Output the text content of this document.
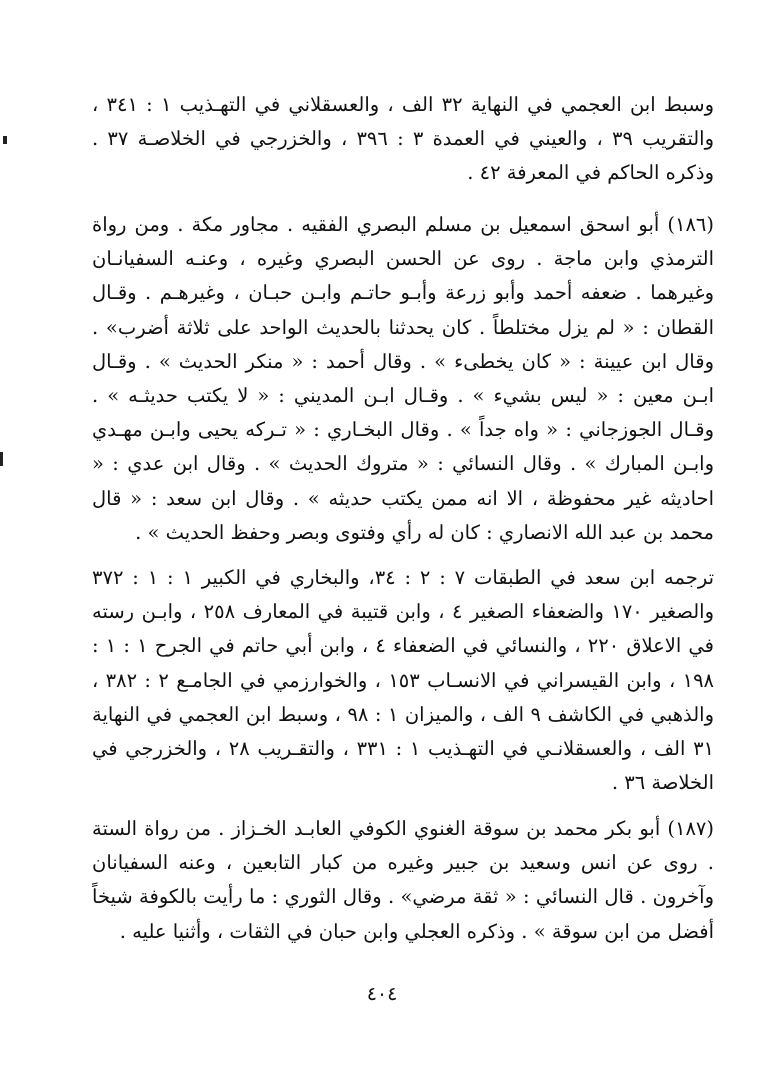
وسبط ابن العجمي في النهاية ٣٢ الف ، والعسقلاني في التهـذيب ١ : ٣٤١ ، والتقريب ٣٩ ، والعيني في العمدة ٣ : ٣٩٦ ، والخزرجي في الخلاصـة ٣٧ . وذكره الحاكم في المعرفة ٤٢ .

(١٨٦) أبو اسحق اسمعيل بن مسلم البصري الفقيه . مجاور مكة . ومن رواة الترمذي وابن ماجة . روى عن الحسن البصري وغيره ، وعنـه السفيانـان وغيرهما . ضعفه أحمد وأبو زرعة وأبـو حاتـم وابـن حبـان ، وغيرهـم . وقـال القطان : « لم يزل مختلطاً . كان يحدثنا بالحديث الواحد على ثلاثة أضرب» . وقال ابن عيينة : « كان يخطىء » . وقال أحمد : « منكر الحديث » . وقـال ابـن معين : « ليس بشيء » . وقـال ابـن المديني : « لا يكتب حديثـه » . وقـال الجوزجاني : « واه جداً » . وقال البخـاري : « تـركه يحيى وابـن مهـدي وابـن المبارك » . وقال النسائي : « متروك الحديث » . وقال ابن عدي : « احاديثه غير محفوظة ، الا انه ممن يكتب حديثه » . وقال ابن سعد : « قال محمد بن عبد الله الانصاري : كان له رأي وفتوى وبصر وحفظ الحديث » .

ترجمه ابن سعد في الطبقات ٧ : ٢ : ٣٤، والبخاري في الكبير ١ : ١ : ٣٧٢ والصغير ١٧٠ والضعفاء الصغير ٤ ، وابن قتيبة في المعارف ٢٥٨ ، وابـن رسته في الاعلاق ٢٢٠ ، والنسائي في الضعفاء ٤ ، وابن أبي حاتم في الجرح ١ : ١ : ١٩٨ ، وابن القيسراني في الانسـاب ١٥٣ ، والخوارزمي في الجامـع ٢ : ٣٨٢ ، والذهبي في الكاشف ٩ الف ، والميزان ١ : ٩٨ ، وسبط ابن العجمي في النهاية ٣١ الف ، والعسقلانـي في التهـذيب ١ : ٣٣١ ، والتقـريب ٢٨ ، والخزرجي في الخلاصة ٣٦ .

(١٨٧) أبو بكر محمد بن سوقة الغنوي الكوفي العابـد الخـزاز . من رواة الستة . روى عن انس وسعيد بن جبير وغيره من كبار التابعين ، وعنه السفيانان وآخرون . قال النسائي : « ثقة مرضي» . وقال الثوري : ما رأيت بالكوفة شيخاً أفضل من ابن سوقة » . وذكره العجلي وابن حبان في الثقات ، وأثنيا عليه .

٤٠٤
